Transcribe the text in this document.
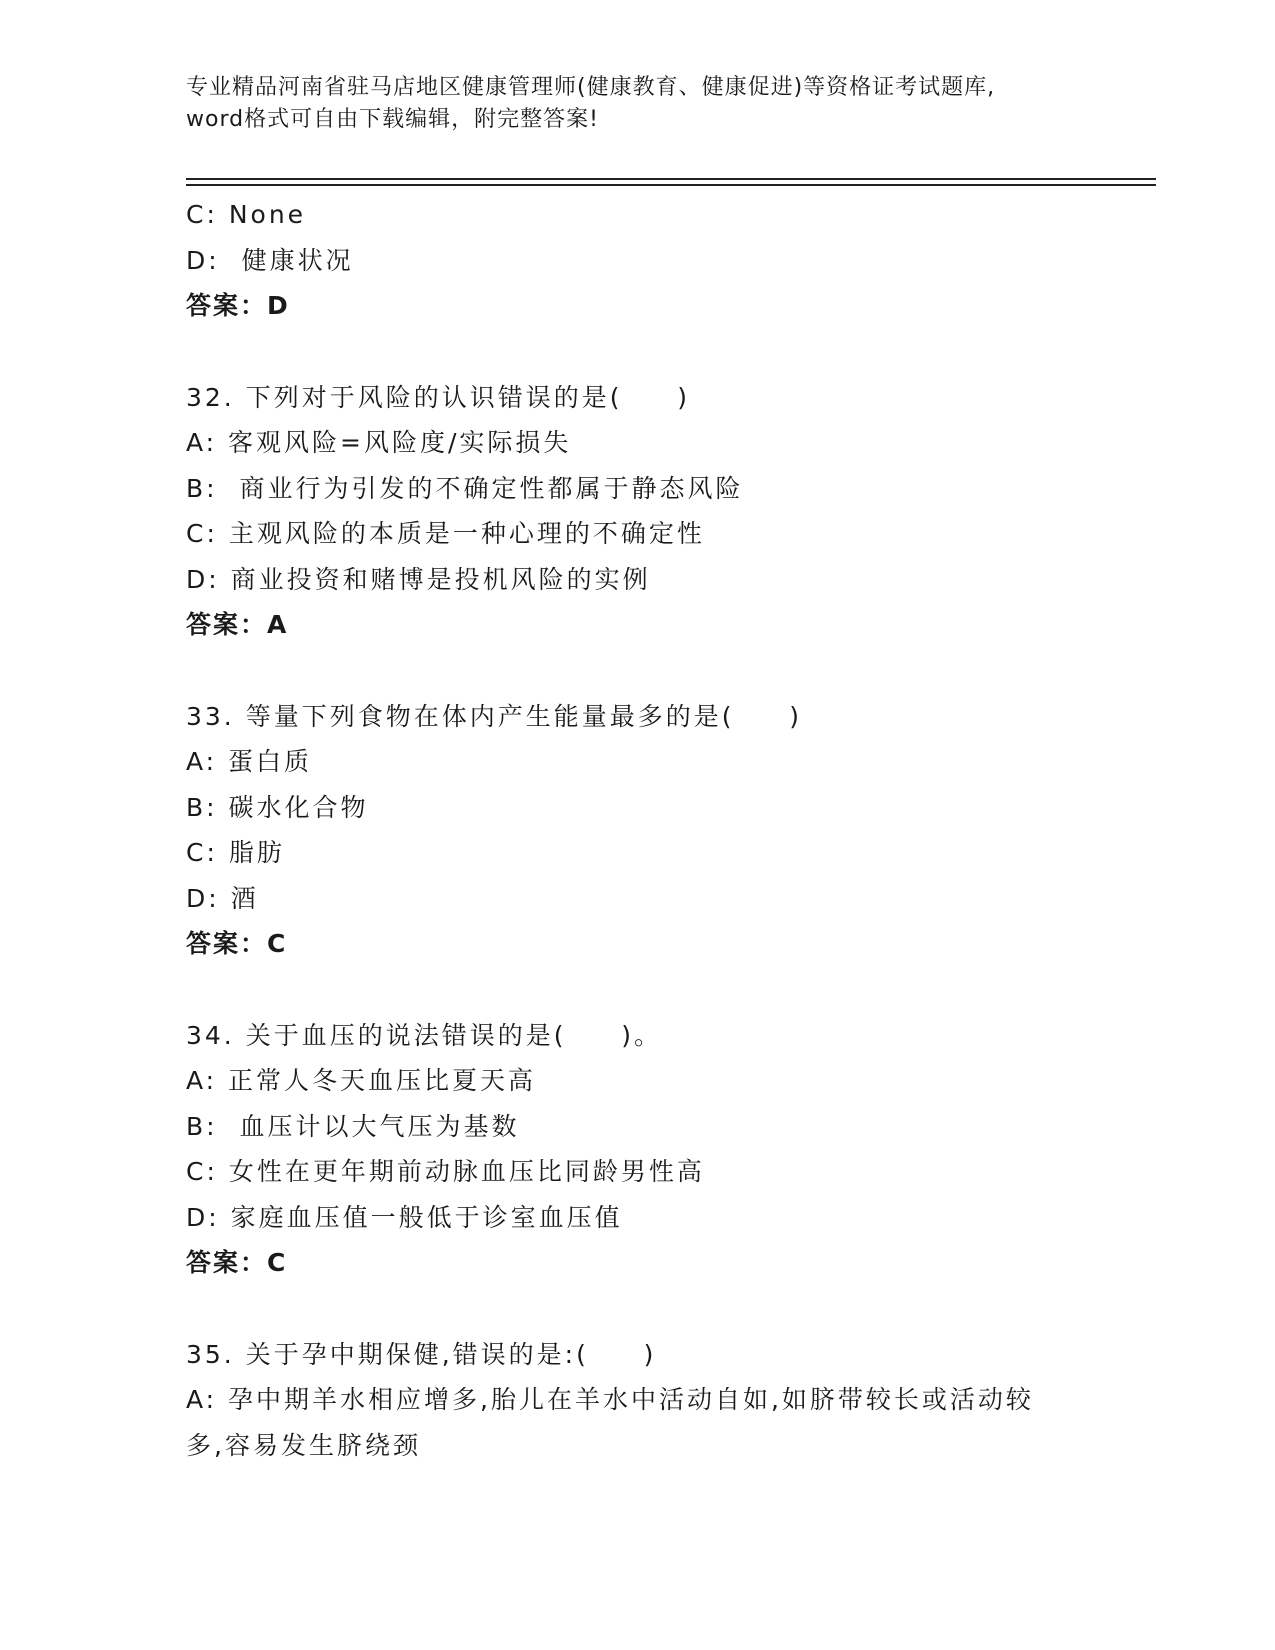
专业精品河南省驻马店地区健康管理师(健康教育、健康促进)等资格证考试题库,
word格式可自由下载编辑，附完整答案!
C: None
D:  健康状况
答案：D
32. 下列对于风险的认识错误的是(     )
A: 客观风险=风险度/实际损失
B:  商业行为引发的不确定性都属于静态风险
C: 主观风险的本质是一种心理的不确定性
D: 商业投资和赌博是投机风险的实例
答案：A
33. 等量下列食物在体内产生能量最多的是(     )
A: 蛋白质
B: 碳水化合物
C: 脂肪
D: 酒
答案：C
34. 关于血压的说法错误的是(     )。
A: 正常人冬天血压比夏天高
B:  血压计以大气压为基数
C: 女性在更年期前动脉血压比同龄男性高
D: 家庭血压值一般低于诊室血压值
答案：C
35. 关于孕中期保健,错误的是:(     )
A: 孕中期羊水相应增多,胎儿在羊水中活动自如,如脐带较长或活动较
多,容易发生脐绕颈
